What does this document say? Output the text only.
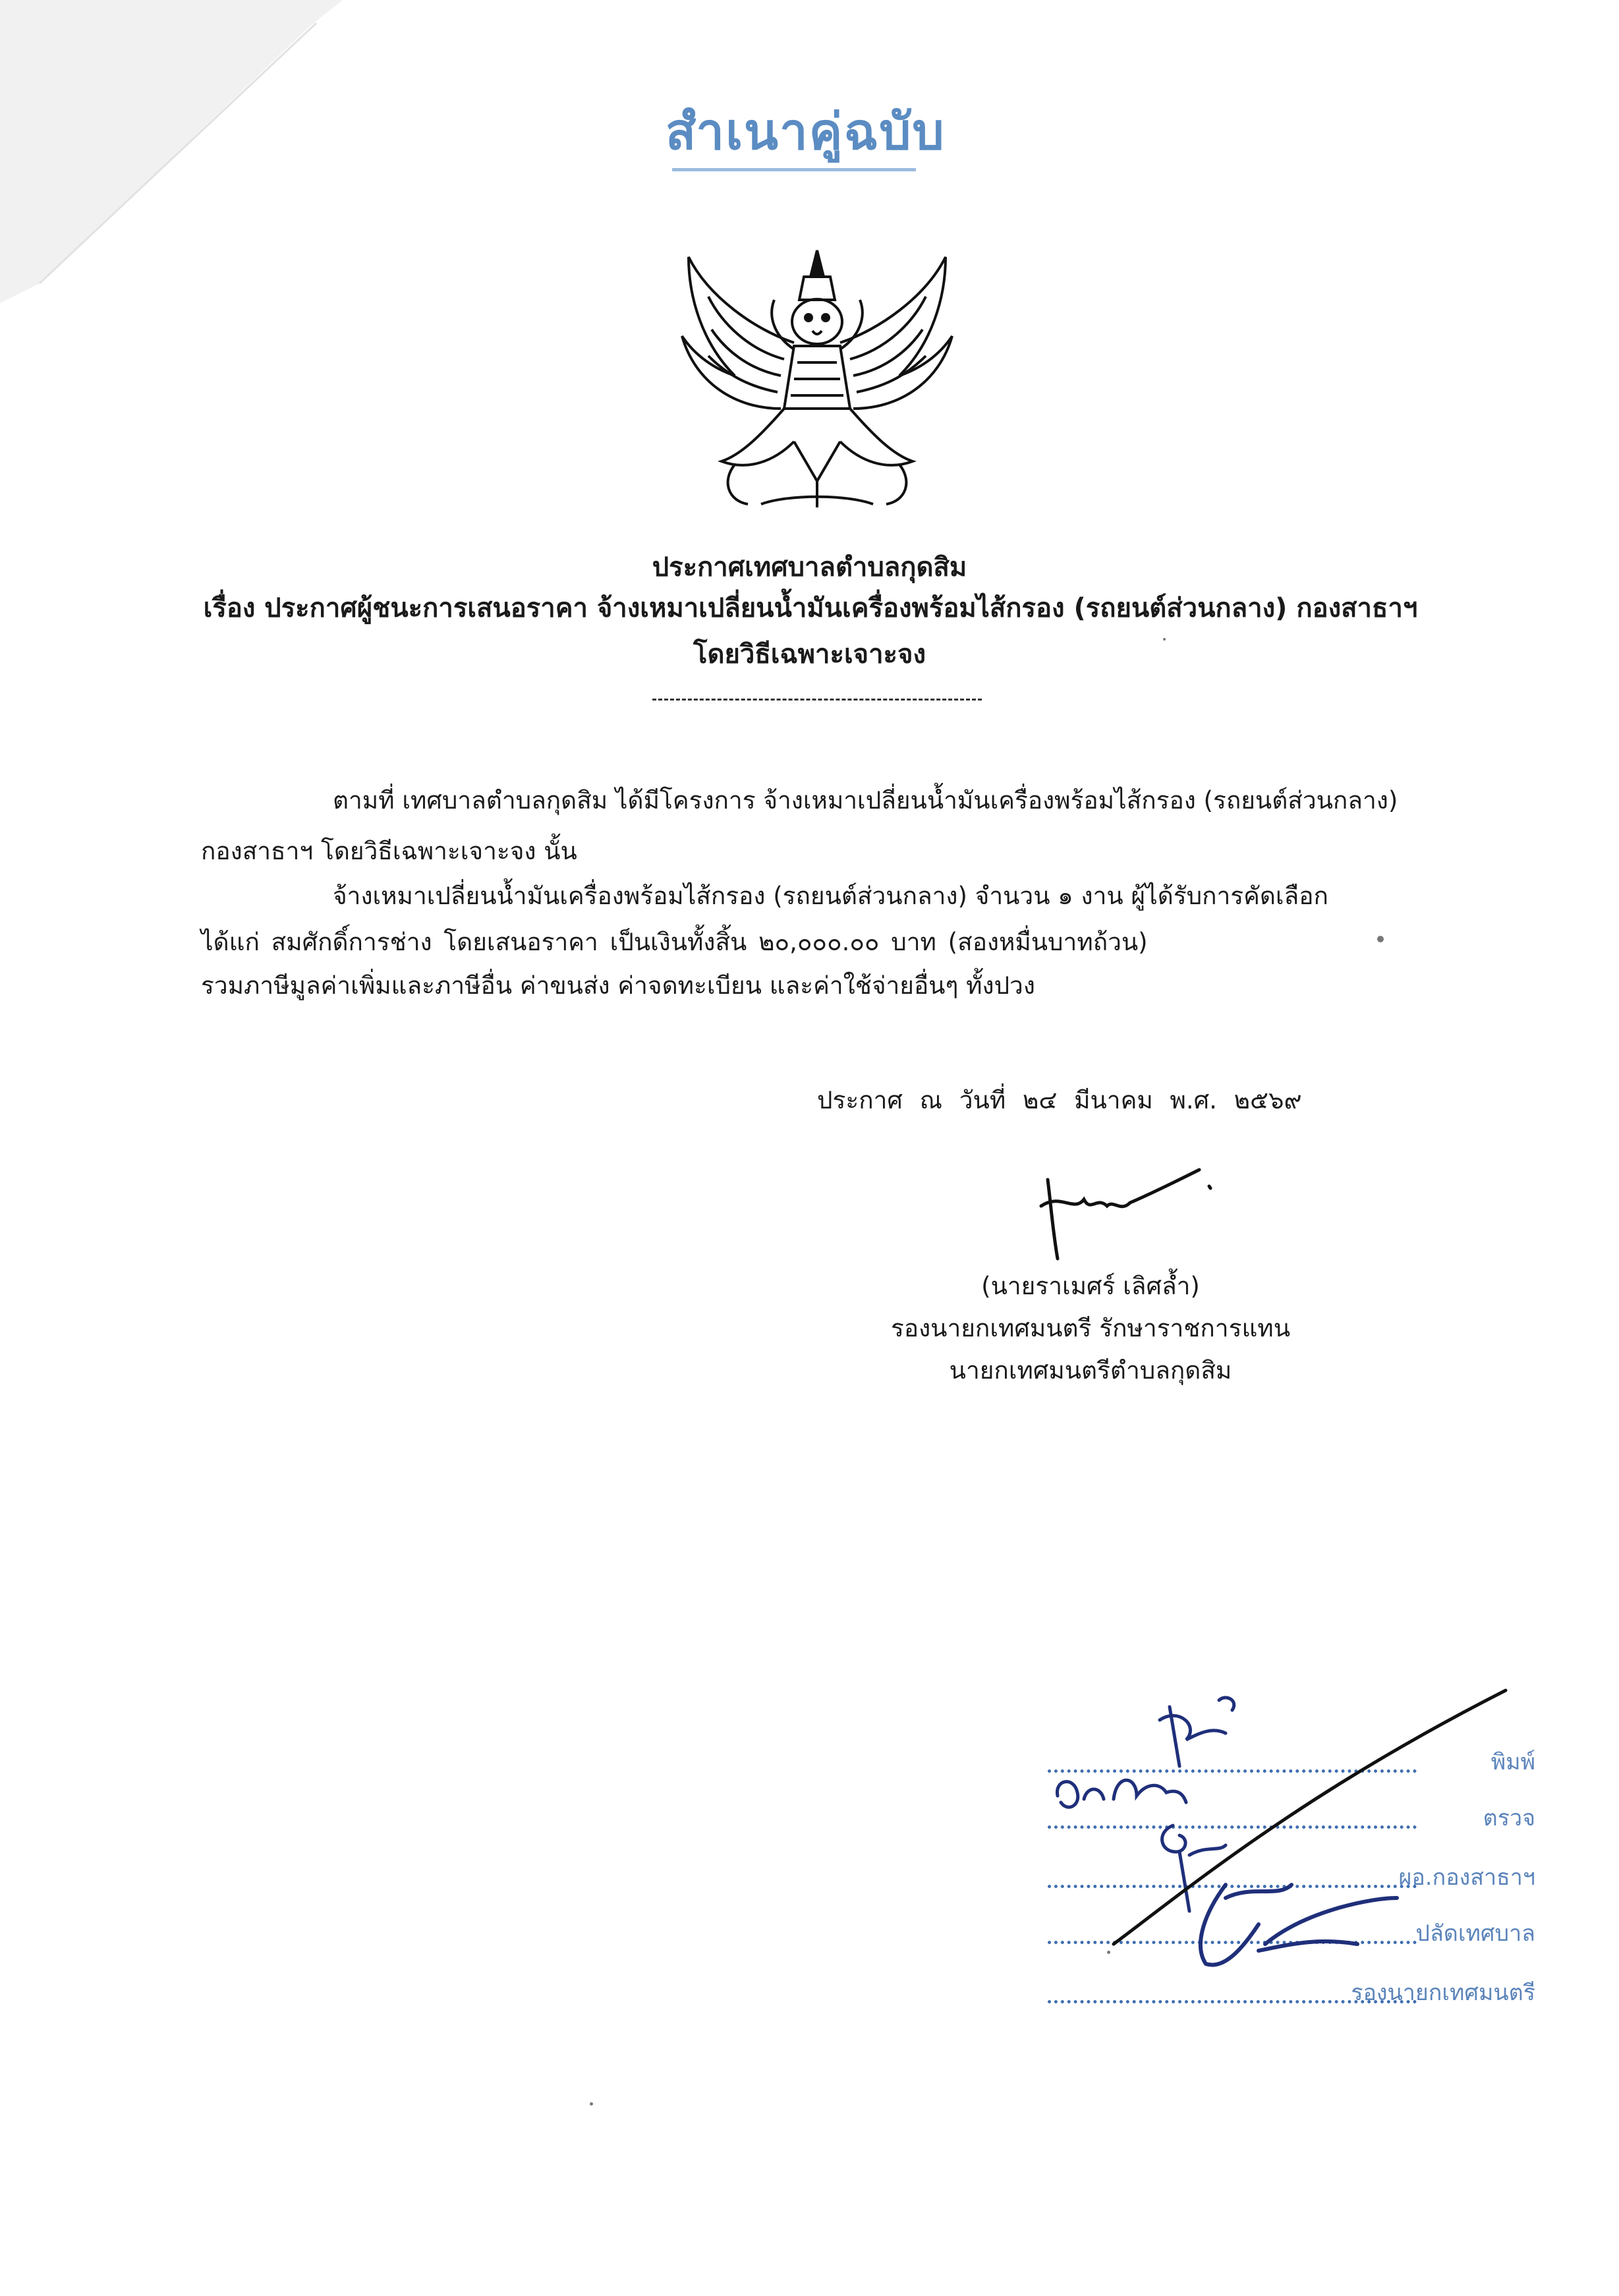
สำเนาคู่ฉบับ
ประกาศเทศบาลตำบลกุดสิม
เรื่อง ประกาศผู้ชนะการเสนอราคา จ้างเหมาเปลี่ยนน้ำมันเครื่องพร้อมไส้กรอง (รถยนต์ส่วนกลาง) กองสาธาฯ
โดยวิธีเฉพาะเจาะจง
ตามที่ เทศบาลตำบลกุดสิม ได้มีโครงการ จ้างเหมาเปลี่ยนน้ำมันเครื่องพร้อมไส้กรอง (รถยนต์ส่วนกลาง)
กองสาธาฯ โดยวิธีเฉพาะเจาะจง นั้น
จ้างเหมาเปลี่ยนน้ำมันเครื่องพร้อมไส้กรอง (รถยนต์ส่วนกลาง) จำนวน ๑ งาน ผู้ได้รับการคัดเลือก
ได้แก่ สมศักดิ์การช่าง โดยเสนอราคา เป็นเงินทั้งสิ้น ๒๐,๐๐๐.๐๐ บาท (สองหมื่นบาทถ้วน)
รวมภาษีมูลค่าเพิ่มและภาษีอื่น ค่าขนส่ง ค่าจดทะเบียน และค่าใช้จ่ายอื่นๆ ทั้งปวง
ประกาศ ณ วันที่ ๒๔ มีนาคม พ.ศ. ๒๕๖๙
(นายราเมศร์ เลิศล้ำ)
รองนายกเทศมนตรี รักษาราชการแทน
นายกเทศมนตรีตำบลกุดสิม
พิมพ์
ตรวจ
ผอ.กองสาธาฯ
ปลัดเทศบาล
รองนายกเทศมนตรี
